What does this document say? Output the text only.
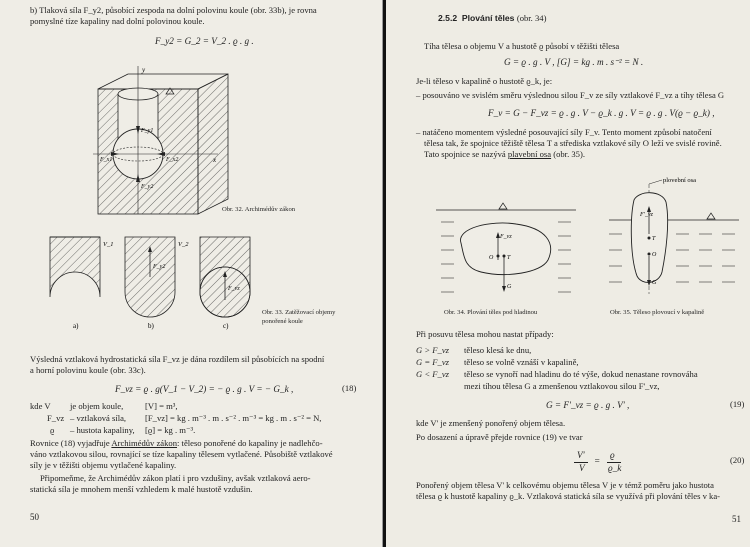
b) Tlaková síla F_y2, působící zespoda na dolní polovinu koule (obr. 33b), je rovna
pomyslné tíze kapaliny nad dolní polovinou koule.
F_y2 = G_2 = V_2 . ϱ . g .
y
x
F_y1
F_x1	F_x2
F_y2
Obr. 32. Archimédův zákon
V_1	V_2
F_y2
F_vz
a)	b)	c)
Obr. 33. Zatěžovací objemy
ponořené koule
Výsledná vztlaková hydrostatická síla F_vz je dána rozdílem sil působících na spodní
a horní polovinu koule (obr. 33c).
F_vz = ϱ . g(V_1 − V_2) = − ϱ . g . V = − G_k ,	(18)
kde V je objem koule,	[V] = m³,
F_vz – vztlaková síla, [F_vz] = kg . m⁻³ . m . s⁻² . m⁻³ = kg . m . s⁻² = N,
ϱ – hustota kapaliny, [ϱ] = kg . m⁻³.
Rovnice (18) vyjadřuje Archimédův zákon: těleso ponořené do kapaliny je nadlehčo-
váno vztlakovou silou, rovnající se tíze kapaliny tělesem vytlačené. Působiště vztlakové
síly je v těžišti objemu vytlačené kapaliny.
Připomeňme, že Archimédův zákon platí i pro vzdušiny, avšak vztlaková aero-
statická síla je mnohem menší vzhledem k malé hustotě vzdušin.
50
2.5.2 Plování těles (obr. 34)
Tíha tělesa o objemu V a hustotě ϱ působí v těžišti tělesa
G = ϱ . g . V , [G] = kg . m . s⁻² = N .
Je-li těleso v kapalině o hustotě ϱ_k, je:
– posouváno ve svislém směru výslednou silou F_v ze síly vztlakové F_vz a tíhy tělesa G
F_v = G − F_vz = ϱ . g . V − ϱ_k . g . V = ϱ . g . V(ϱ − ϱ_k) ,
– natáčeno momentem výsledné posouvající síly F_v. Tento moment způsobí natočení
tělesa tak, že spojnice těžiště tělesa T a střediska vztlakové síly O leží ve svislé rovině.
Tato spojnice se nazývá plavební osa (obr. 35).
F_vz
O T
G
Obr. 34. Plování těles pod hladinou
plovební osa
F'_vz
T
O
G
Obr. 35. Těleso plovoucí v kapalině
Při posuvu tělesa mohou nastat případy:
G > F_vz těleso klesá ke dnu,
G = F_vz těleso se volně vznáší v kapalině,
G < F_vz těleso se vynoří nad hladinu do té výše, dokud nenastane rovnováha
mezi tíhou tělesa G a zmenšenou vztlakovou silou F'_vz,
G = F'_vz = ϱ . g . V' ,	(19)
kde V' je zmenšený ponořený objem tělesa.
Po dosazení a úpravě přejde rovnice (19) ve tvar
V'
V
=
ϱ
ϱ_k
(20)
Ponořený objem tělesa V' k celkovému objemu tělesa V je v témž poměru jako hustota
tělesa ϱ k hustotě kapaliny ϱ_k. Vztlaková statická síla se využívá při plování těles v ka-
51
